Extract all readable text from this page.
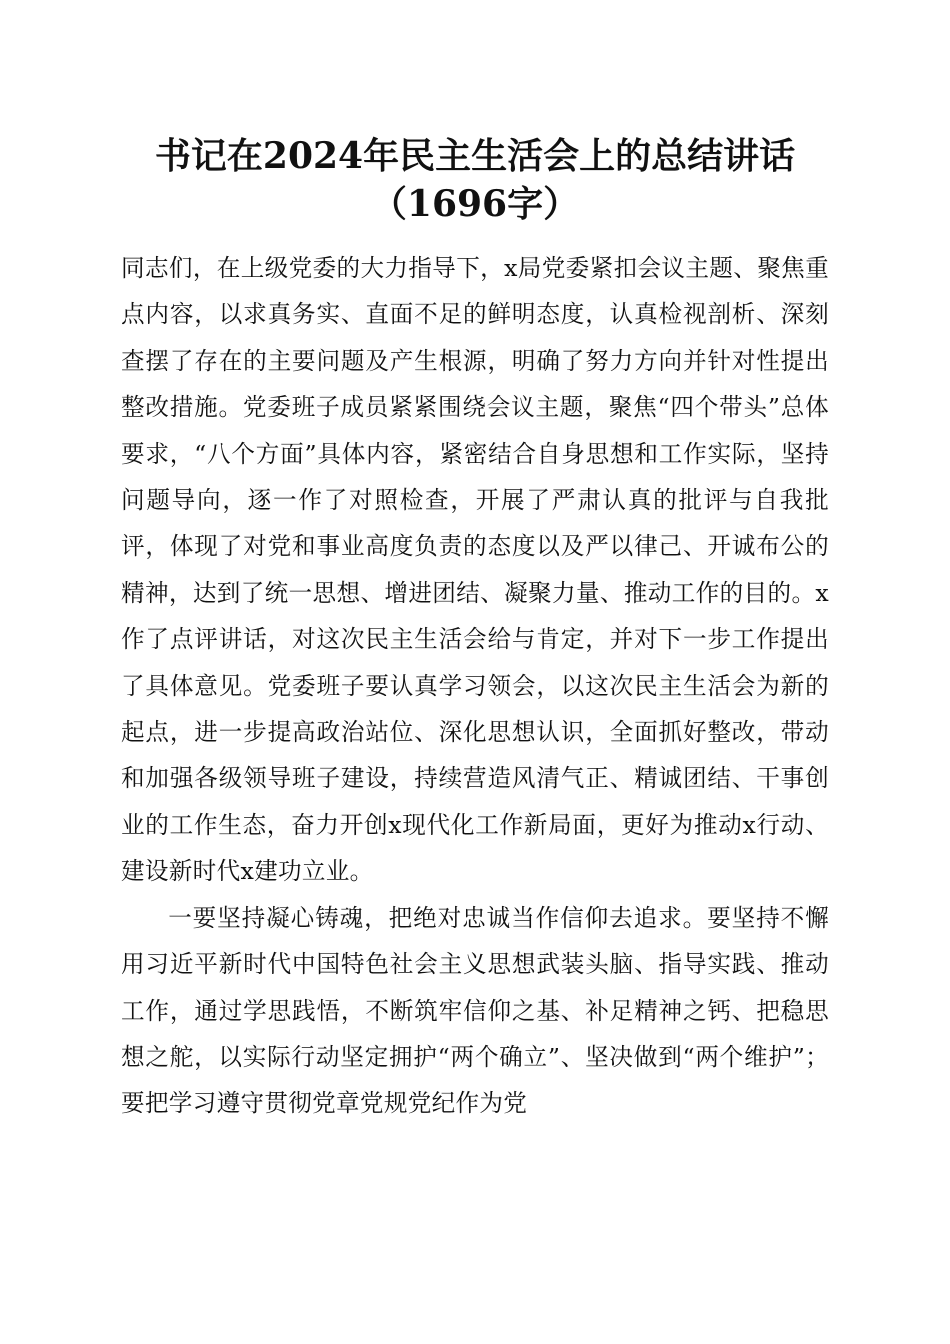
书记在2024年民主生活会上的总结讲话
（1696字）

同志们，在上级党委的大力指导下，x局党委紧扣会议主题、聚焦重点内容，以求真务实、直面不足的鲜明态度，认真检视剖析、深刻查摆了存在的主要问题及产生根源，明确了努力方向并针对性提出整改措施。党委班子成员紧紧围绕会议主题，聚焦“四个带头”总体要求，“八个方面”具体内容，紧密结合自身思想和工作实际，坚持问题导向，逐一作了对照检查，开展了严肃认真的批评与自我批评，体现了对党和事业高度负责的态度以及严以律己、开诚布公的精神，达到了统一思想、增进团结、凝聚力量、推动工作的目的。x作了点评讲话，对这次民主生活会给与肯定，并对下一步工作提出了具体意见。党委班子要认真学习领会，以这次民主生活会为新的起点，进一步提高政治站位、深化思想认识，全面抓好整改，带动和加强各级领导班子建设，持续营造风清气正、精诚团结、干事创业的工作生态，奋力开创x现代化工作新局面，更好为推动x行动、建设新时代x建功立业。

一要坚持凝心铸魂，把绝对忠诚当作信仰去追求。要坚持不懈用习近平新时代中国特色社会主义思想武装头脑、指导实践、推动工作，通过学思践悟，不断筑牢信仰之基、补足精神之钙、把稳思想之舵，以实际行动坚定拥护“两个确立”、坚决做到“两个维护”；要把学习遵守贯彻党章党规党纪作为党
